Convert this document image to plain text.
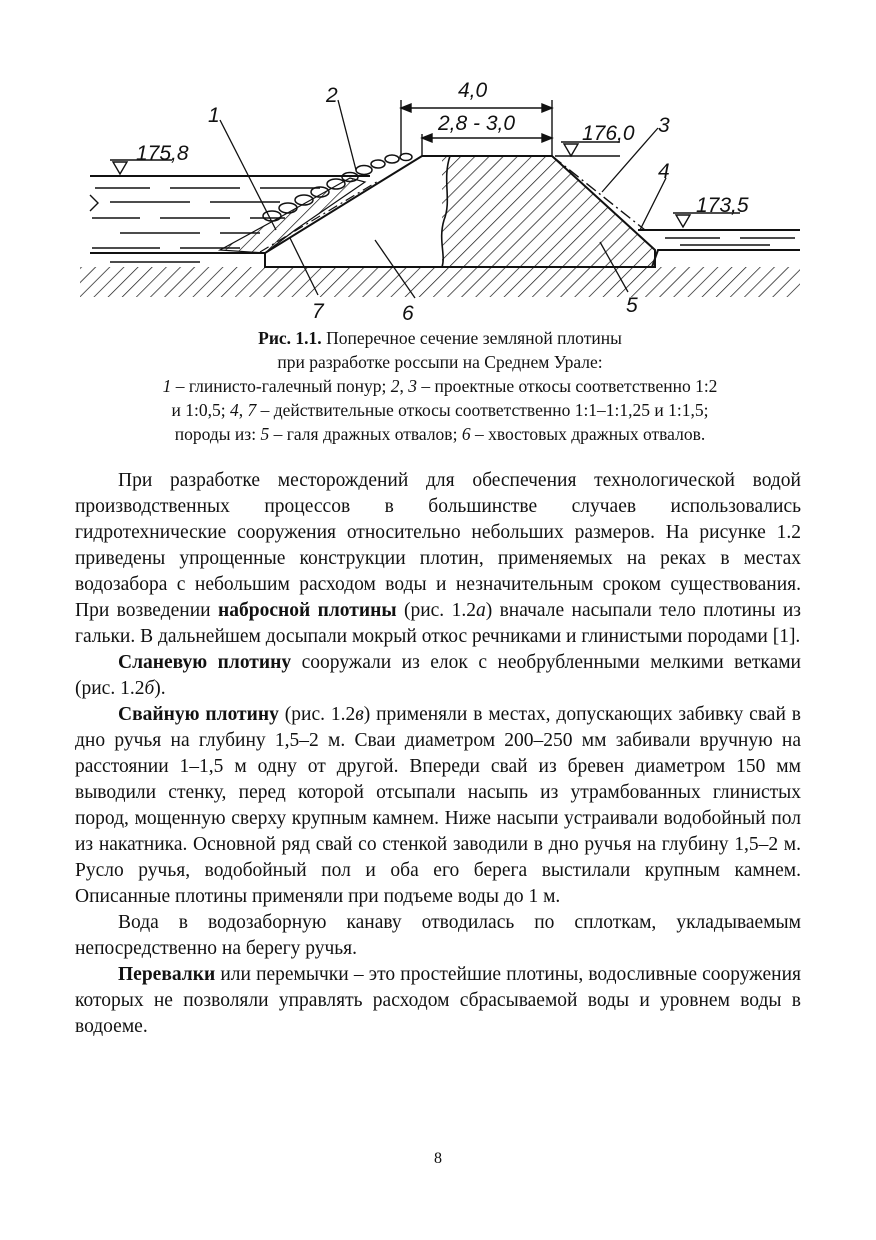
1
2
3
4
5
6
7
4,0
2,8 - 3,0
175,8
176,0
173,5
Рис. 1.1. Поперечное сечение земляной плотины
при разработке россыпи на Среднем Урале:
1 – глинисто-галечный понур; 2, 3 – проектные откосы соответственно 1:2
и 1:0,5; 4, 7 – действительные откосы соответственно 1:1–1:1,25 и 1:1,5;
породы из: 5 – галя дражных отвалов; 6 – хвостовых дражных отвалов.

При разработке месторождений для обеспечения технологической водой производственных процессов в большинстве случаев использовались гидротехнические сооружения относительно небольших размеров. На рисунке 1.2 приведены упрощенные конструкции плотин, применяемых на реках в местах водозабора с небольшим расходом воды и незначительным сроком существования. При возведении набросной плотины (рис. 1.2а) вначале насыпали тело плотины из гальки. В дальнейшем досыпали мокрый откос речниками и глинистыми породами [1].

Слaневую плотину сооружали из елок с необрубленными мелкими ветками (рис. 1.2б).

Свайную плотину (рис. 1.2в) применяли в местах, допускающих забивку свай в дно ручья на глубину 1,5–2 м. Сваи диаметром 200–250 мм забивали вручную на расстоянии 1–1,5 м одну от другой. Впереди свай из бревен диаметром 150 мм выводили стенку, перед которой отсыпали насыпь из утрамбованных глинистых пород, мощенную сверху крупным камнем. Ниже насыпи устраивали водобойный пол из накатника. Основной ряд свай со стенкой заводили в дно ручья на глубину 1,5–2 м. Русло ручья, водобойный пол и оба его берега выстилали крупным камнем. Описанные плотины применяли при подъеме воды до 1 м.

Вода в водозаборную канаву отводилась по сплоткам, укладываемым непосредственно на берегу ручья.

Перевалки или перемычки – это простейшие плотины, водосливные сооружения которых не позволяли управлять расходом сбрасываемой воды и уровнем воды в водоеме.

8
